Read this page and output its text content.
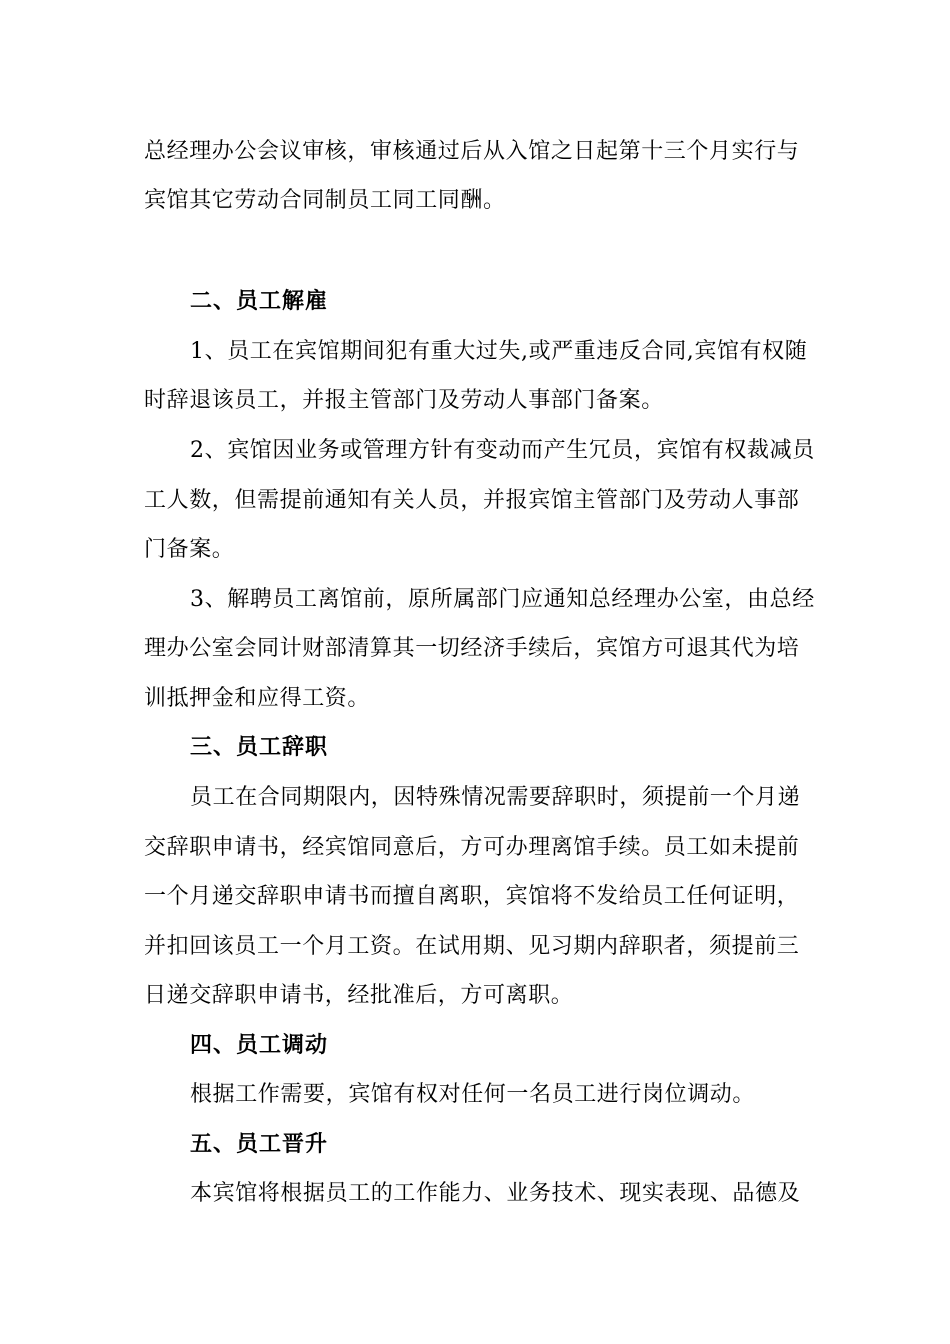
总经理办公会议审核，审核通过后从入馆之日起第十三个月实行与
宾馆其它劳动合同制员工同工同酬。
二、员工解雇
1、员工在宾馆期间犯有重大过失,或严重违反合同,宾馆有权随
时辞退该员工，并报主管部门及劳动人事部门备案。
2、宾馆因业务或管理方针有变动而产生冗员，宾馆有权裁减员
工人数，但需提前通知有关人员，并报宾馆主管部门及劳动人事部
门备案。
3、解聘员工离馆前，原所属部门应通知总经理办公室，由总经
理办公室会同计财部清算其一切经济手续后，宾馆方可退其代为培
训抵押金和应得工资。
三、员工辞职
员工在合同期限内，因特殊情况需要辞职时，须提前一个月递
交辞职申请书，经宾馆同意后，方可办理离馆手续。员工如未提前
一个月递交辞职申请书而擅自离职，宾馆将不发给员工任何证明，
并扣回该员工一个月工资。在试用期、见习期内辞职者，须提前三
日递交辞职申请书，经批准后，方可离职。
四、员工调动
根据工作需要，宾馆有权对任何一名员工进行岗位调动。
五、员工晋升
本宾馆将根据员工的工作能力、业务技术、现实表现、品德及
